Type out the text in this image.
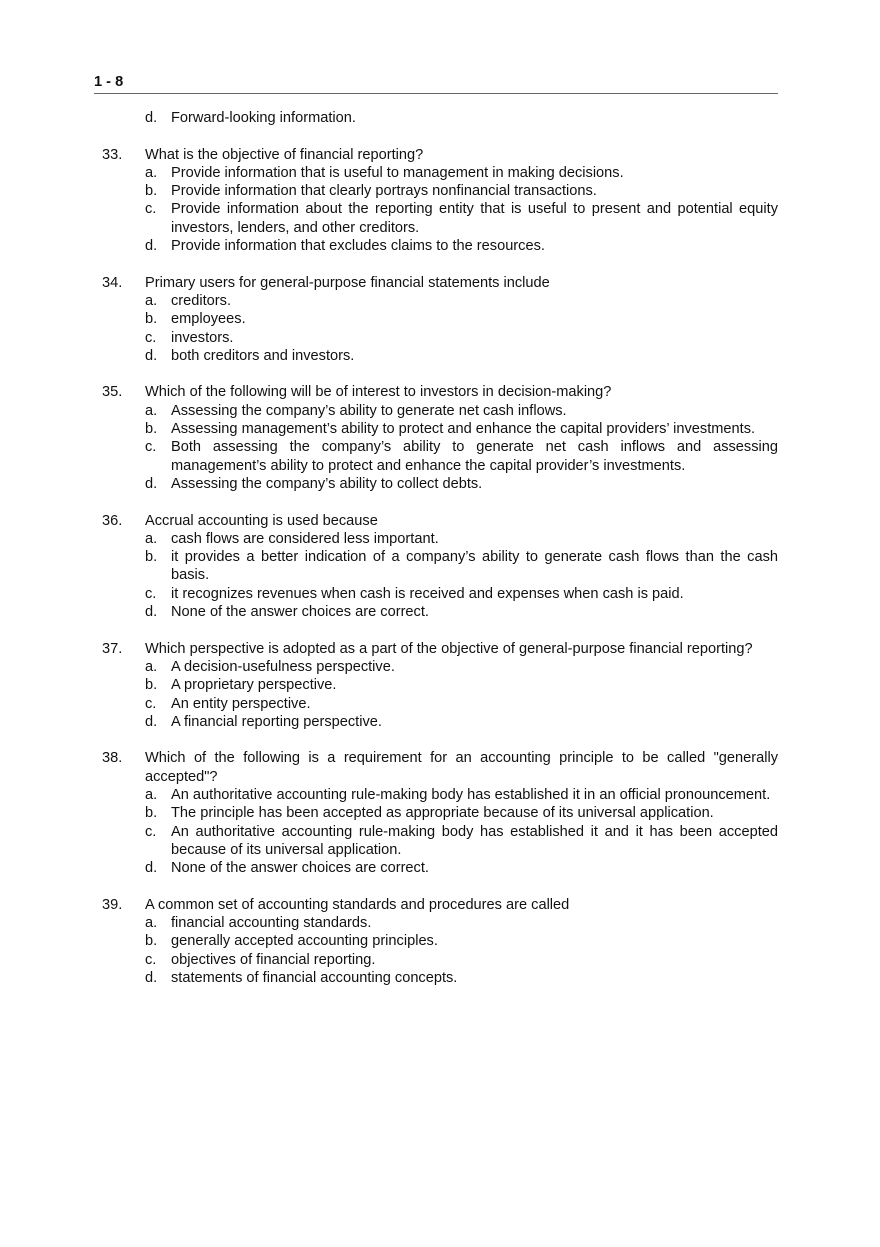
1 - 8
d. Forward-looking information.
33. What is the objective of financial reporting?
a. Provide information that is useful to management in making decisions.
b. Provide information that clearly portrays nonfinancial transactions.
c. Provide information about the reporting entity that is useful to present and potential equity investors, lenders, and other creditors.
d. Provide information that excludes claims to the resources.
34. Primary users for general-purpose financial statements include
a. creditors.
b. employees.
c. investors.
d. both creditors and investors.
35. Which of the following will be of interest to investors in decision-making?
a. Assessing the company’s ability to generate net cash inflows.
b. Assessing management’s ability to protect and enhance the capital providers’ investments.
c. Both assessing the company’s ability to generate net cash inflows and assessing management’s ability to protect and enhance the capital provider’s investments.
d. Assessing the company’s ability to collect debts.
36. Accrual accounting is used because
a. cash flows are considered less important.
b. it provides a better indication of a company’s ability to generate cash flows than the cash basis.
c. it recognizes revenues when cash is received and expenses when cash is paid.
d. None of the answer choices are correct.
37. Which perspective is adopted as a part of the objective of general-purpose financial reporting?
a. A decision-usefulness perspective.
b. A proprietary perspective.
c. An entity perspective.
d. A financial reporting perspective.
38. Which of the following is a requirement for an accounting principle to be called "generally accepted"?
a. An authoritative accounting rule-making body has established it in an official pronouncement.
b. The principle has been accepted as appropriate because of its universal application.
c. An authoritative accounting rule-making body has established it and it has been accepted because of its universal application.
d. None of the answer choices are correct.
39. A common set of accounting standards and procedures are called
a. financial accounting standards.
b. generally accepted accounting principles.
c. objectives of financial reporting.
d. statements of financial accounting concepts.
